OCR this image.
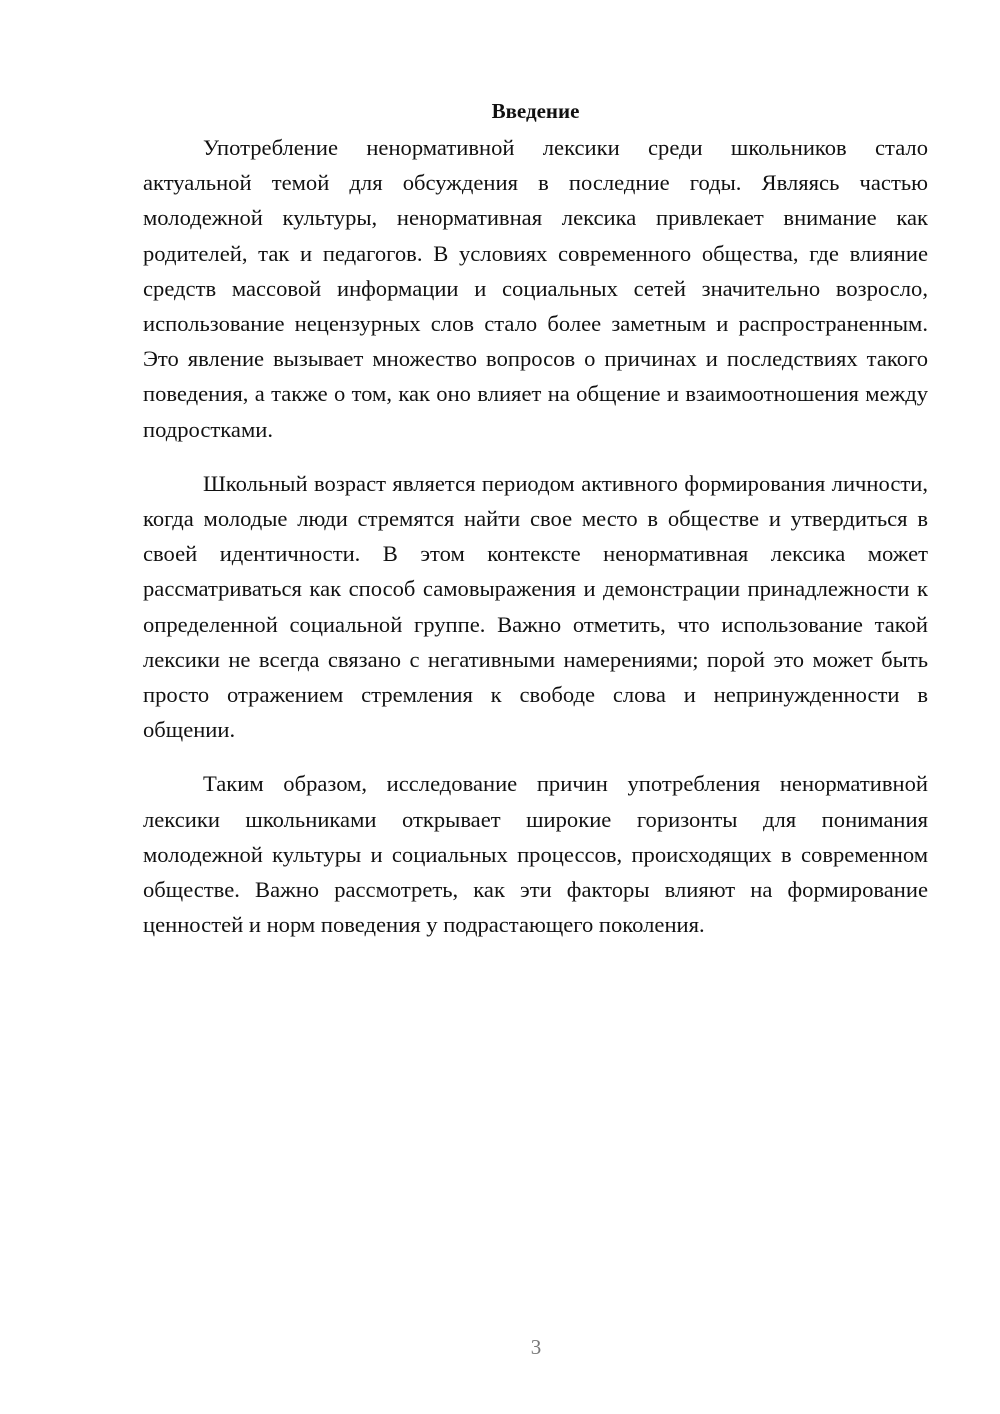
Введение

Употребление ненормативной лексики среди школьников стало актуальной темой для обсуждения в последние годы. Являясь частью молодежной культуры, ненормативная лексика привлекает внимание как родителей, так и педагогов. В условиях современного общества, где влияние средств массовой информации и социальных сетей значительно возросло, использование нецензурных слов стало более заметным и распространенным. Это явление вызывает множество вопросов о причинах и последствиях такого поведения, а также о том, как оно влияет на общение и взаимоотношения между подростками.

Школьный возраст является периодом активного формирования личности, когда молодые люди стремятся найти свое место в обществе и утвердиться в своей идентичности. В этом контексте ненормативная лексика может рассматриваться как способ самовыражения и демонстрации принадлежности к определенной социальной группе. Важно отметить, что использование такой лексики не всегда связано с негативными намерениями; порой это может быть просто отражением стремления к свободе слова и непринужденности в общении.

Таким образом, исследование причин употребления ненормативной лексики школьниками открывает широкие горизонты для понимания молодежной культуры и социальных процессов, происходящих в современном обществе. Важно рассмотреть, как эти факторы влияют на формирование ценностей и норм поведения у подрастающего поколения.

3
